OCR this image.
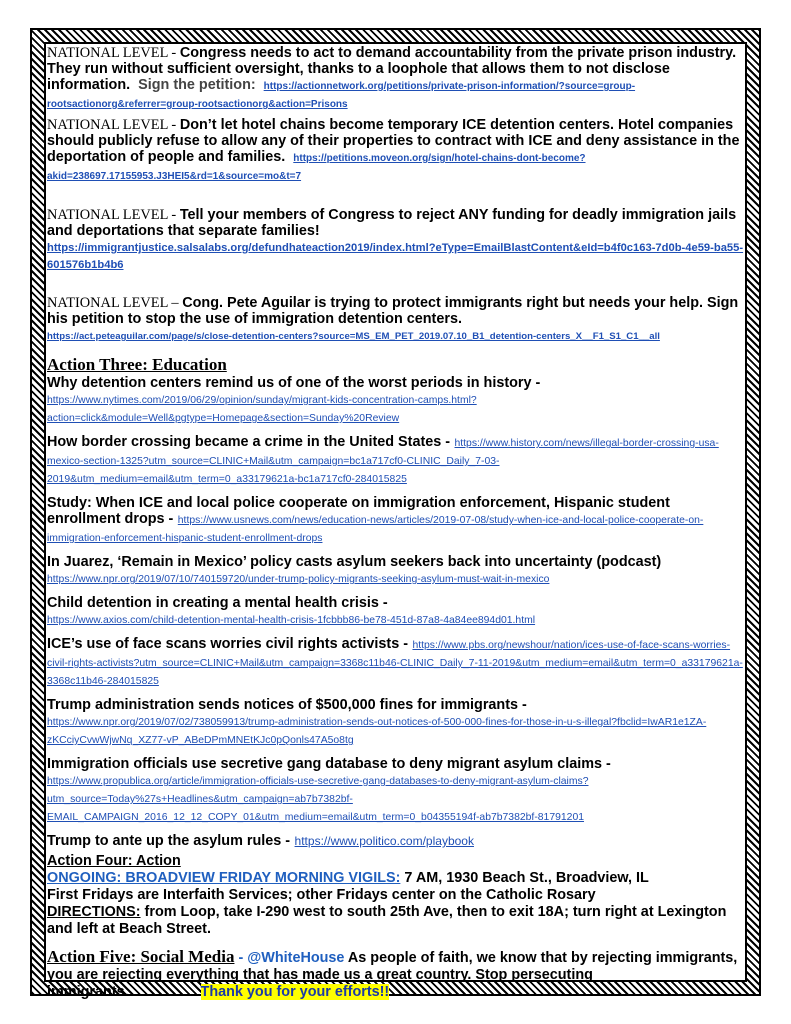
NATIONAL LEVEL - Congress needs to act to demand accountability from the private prison industry. They run without sufficient oversight, thanks to a loophole that allows them to not disclose information. Sign the petition: https://actionnetwork.org/petitions/private-prison-information/?source=group-rootsactionorg&referrer=group-rootsactionorg&action=Prisons

NATIONAL LEVEL - Don’t let hotel chains become temporary ICE detention centers. Hotel companies should publicly refuse to allow any of their properties to contract with ICE and deny assistance in the deportation of people and families. https://petitions.moveon.org/sign/hotel-chains-dont-become?akid=238697.17155953.J3HEI5&rd=1&source=mo&t=7

NATIONAL LEVEL - Tell your members of Congress to reject ANY funding for deadly immigration jails and deportations that separate families!
https://immigrantjustice.salsalabs.org/defundhateaction2019/index.html?eType=EmailBlastContent&eId=b4f0c163-7d0b-4e59-ba55-601576b1b4b6

NATIONAL LEVEL – Cong. Pete Aguilar is trying to protect immigrants right but needs your help. Sign his petition to stop the use of immigration detention centers.
https://act.peteaguilar.com/page/s/close-detention-centers?source=MS_EM_PET_2019.07.10_B1_detention-centers_X__F1_S1_C1__all

Action Three: Education

Why detention centers remind us of one of the worst periods in history -
https://www.nytimes.com/2019/06/29/opinion/sunday/migrant-kids-concentration-camps.html?action=click&module=Well&pgtype=Homepage&section=Sunday%20Review

How border crossing became a crime in the United States - https://www.history.com/news/illegal-border-crossing-usa-mexico-section-1325?utm_source=CLINIC+Mail&utm_campaign=bc1a717cf0-CLINIC_Daily_7-03-2019&utm_medium=email&utm_term=0_a33179621a-bc1a717cf0-284015825

Study: When ICE and local police cooperate on immigration enforcement, Hispanic student enrollment drops - https://www.usnews.com/news/education-news/articles/2019-07-08/study-when-ice-and-local-police-cooperate-on-immigration-enforcement-hispanic-student-enrollment-drops

In Juarez, ‘Remain in Mexico’ policy casts asylum seekers back into uncertainty (podcast)
https://www.npr.org/2019/07/10/740159720/under-trump-policy-migrants-seeking-asylum-must-wait-in-mexico

Child detention in creating a mental health crisis -
https://www.axios.com/child-detention-mental-health-crisis-1fcbbb86-be78-451d-87a8-4a84ee894d01.html

ICE’s use of face scans worries civil rights activists - https://www.pbs.org/newshour/nation/ices-use-of-face-scans-worries-civil-rights-activists?utm_source=CLINIC+Mail&utm_campaign=3368c11b46-CLINIC_Daily_7-11-2019&utm_medium=email&utm_term=0_a33179621a-3368c11b46-284015825

Trump administration sends notices of $500,000 fines for immigrants -
https://www.npr.org/2019/07/02/738059913/trump-administration-sends-out-notices-of-500-000-fines-for-those-in-u-s-illegal?fbclid=IwAR1e1ZA-zKCciyCvwWjwNq_XZ77-vP_ABeDPmMNEtKJc0pQonls47A5o8tg

Immigration officials use secretive gang database to deny migrant asylum claims -
https://www.propublica.org/article/immigration-officials-use-secretive-gang-databases-to-deny-migrant-asylum-claims?utm_source=Today%27s+Headlines&utm_campaign=ab7b7382bf-EMAIL_CAMPAIGN_2016_12_12_COPY_01&utm_medium=email&utm_term=0_b04355194f-ab7b7382bf-81791201

Trump to ante up the asylum rules - https://www.politico.com/playbook

Action Four: Action
ONGOING: BROADVIEW FRIDAY MORNING VIGILS: 7 AM, 1930 Beach St., Broadview, IL
First Fridays are Interfaith Services; other Fridays center on the Catholic Rosary
DIRECTIONS: from Loop, take I-290 west to south 25th Ave, then to exit 18A; turn right at Lexington and left at Beach Street.

Action Five: Social Media - @WhiteHouse As people of faith, we know that by rejecting immigrants, you are rejecting everything that has made us a great country. Stop persecuting immigrants.	Thank you for your efforts!!
